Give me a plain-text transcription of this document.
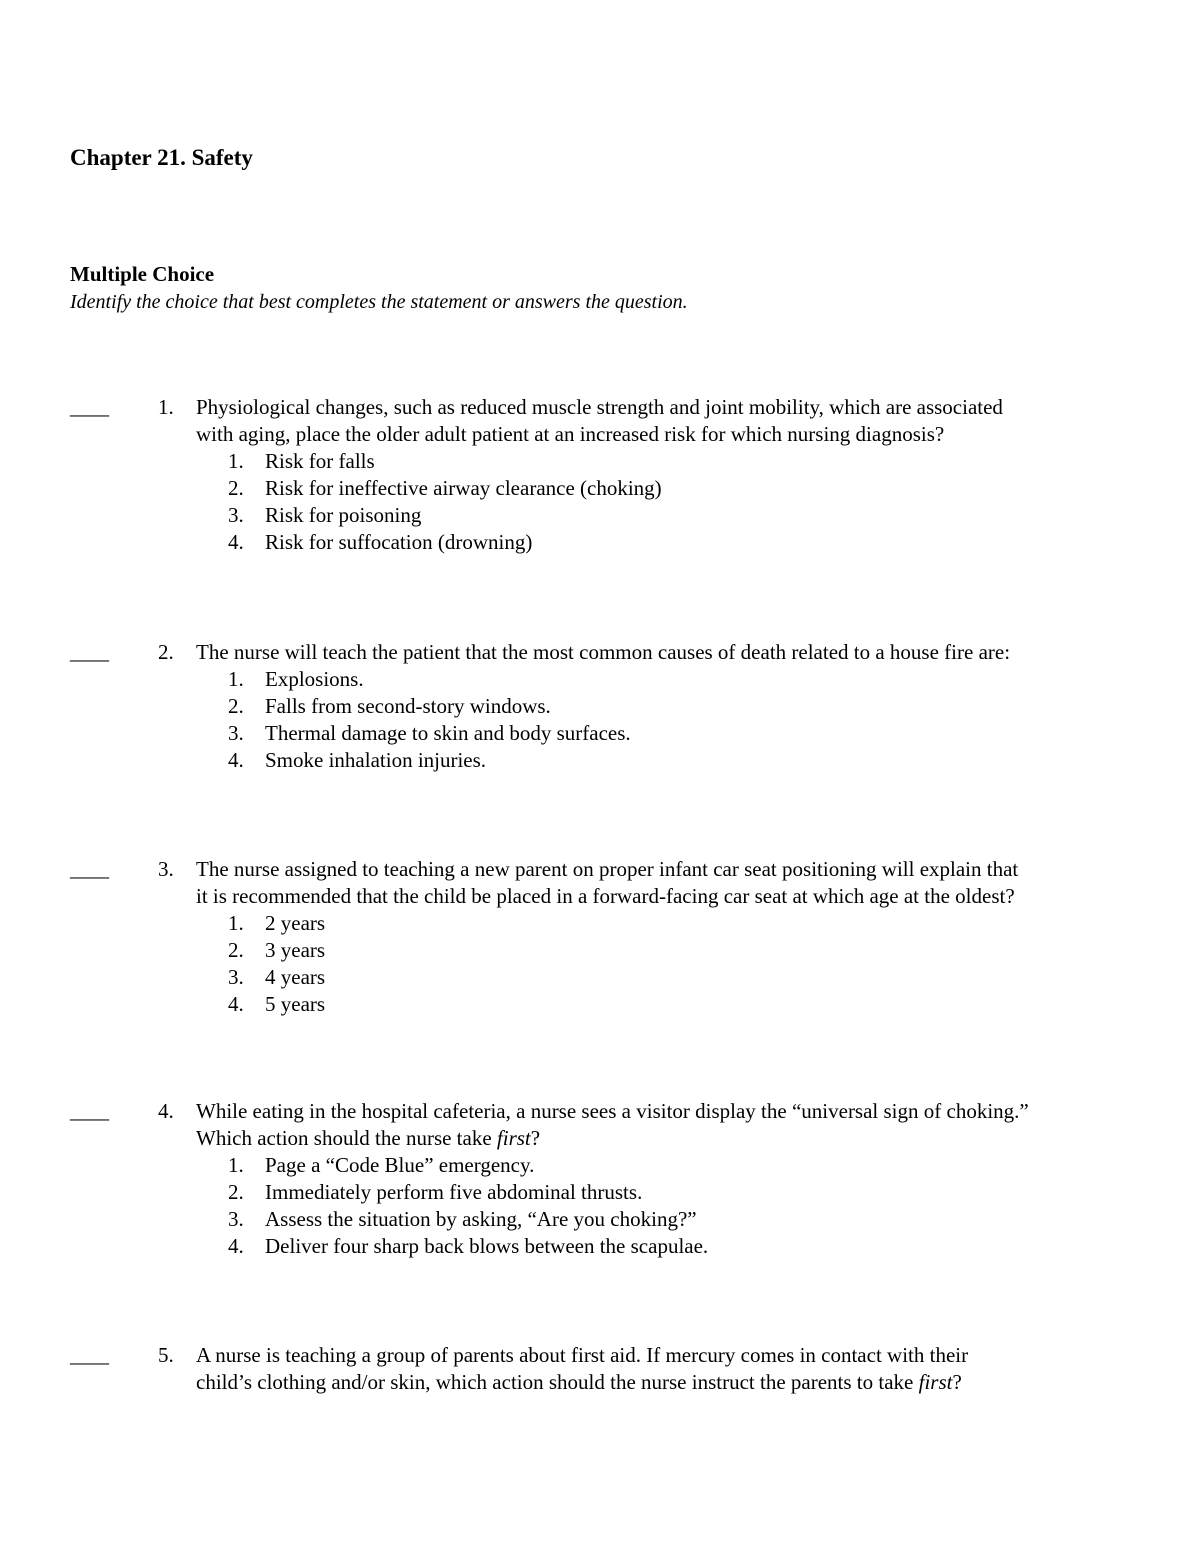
Chapter 21. Safety
Multiple Choice
Identify the choice that best completes the statement or answers the question.
____ 1. Physiological changes, such as reduced muscle strength and joint mobility, which are associated
with aging, place the older adult patient at an increased risk for which nursing diagnosis?
1. Risk for falls
2. Risk for ineffective airway clearance (choking)
3. Risk for poisoning
4. Risk for suffocation (drowning)
____ 2. The nurse will teach the patient that the most common causes of death related to a house fire are:
1. Explosions.
2. Falls from second-story windows.
3. Thermal damage to skin and body surfaces.
4. Smoke inhalation injuries.
____ 3. The nurse assigned to teaching a new parent on proper infant car seat positioning will explain that
it is recommended that the child be placed in a forward-facing car seat at which age at the oldest?
1. 2 years
2. 3 years
3. 4 years
4. 5 years
____ 4. While eating in the hospital cafeteria, a nurse sees a visitor display the “universal sign of choking.”
Which action should the nurse take first?
1. Page a “Code Blue” emergency.
2. Immediately perform five abdominal thrusts.
3. Assess the situation by asking, “Are you choking?”
4. Deliver four sharp back blows between the scapulae.
____ 5. A nurse is teaching a group of parents about first aid. If mercury comes in contact with their
child’s clothing and/or skin, which action should the nurse instruct the parents to take first?
